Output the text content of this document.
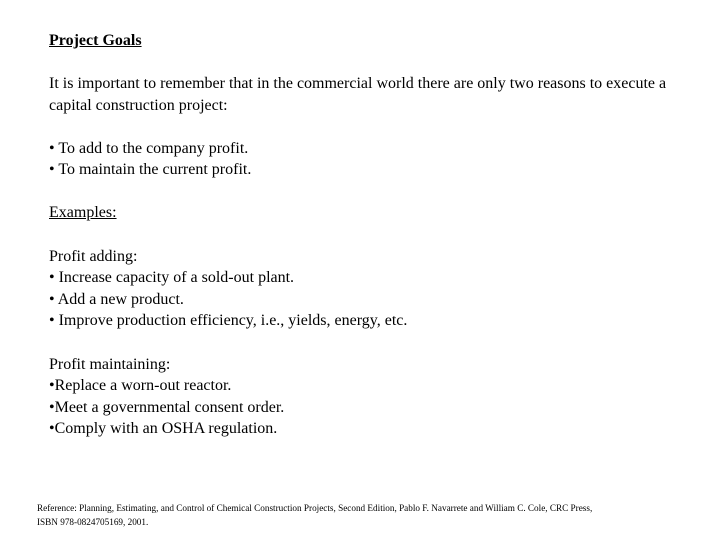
Project Goals

It is important to remember that in the commercial world there are only two reasons to execute a capital construction project:

• To add to the company profit.
• To maintain the current profit.

Examples:

Profit adding:

• Increase capacity of a sold-out plant.
• Add a new product.
• Improve production efficiency, i.e., yields, energy, etc.

Profit maintaining:

•Replace a worn-out reactor.
•Meet a governmental consent order.
•Comply with an OSHA regulation.
Reference: Planning, Estimating, and Control of Chemical Construction Projects, Second Edition, Pablo F. Navarrete and William C. Cole, CRC Press,
ISBN 978-0824705169, 2001.
